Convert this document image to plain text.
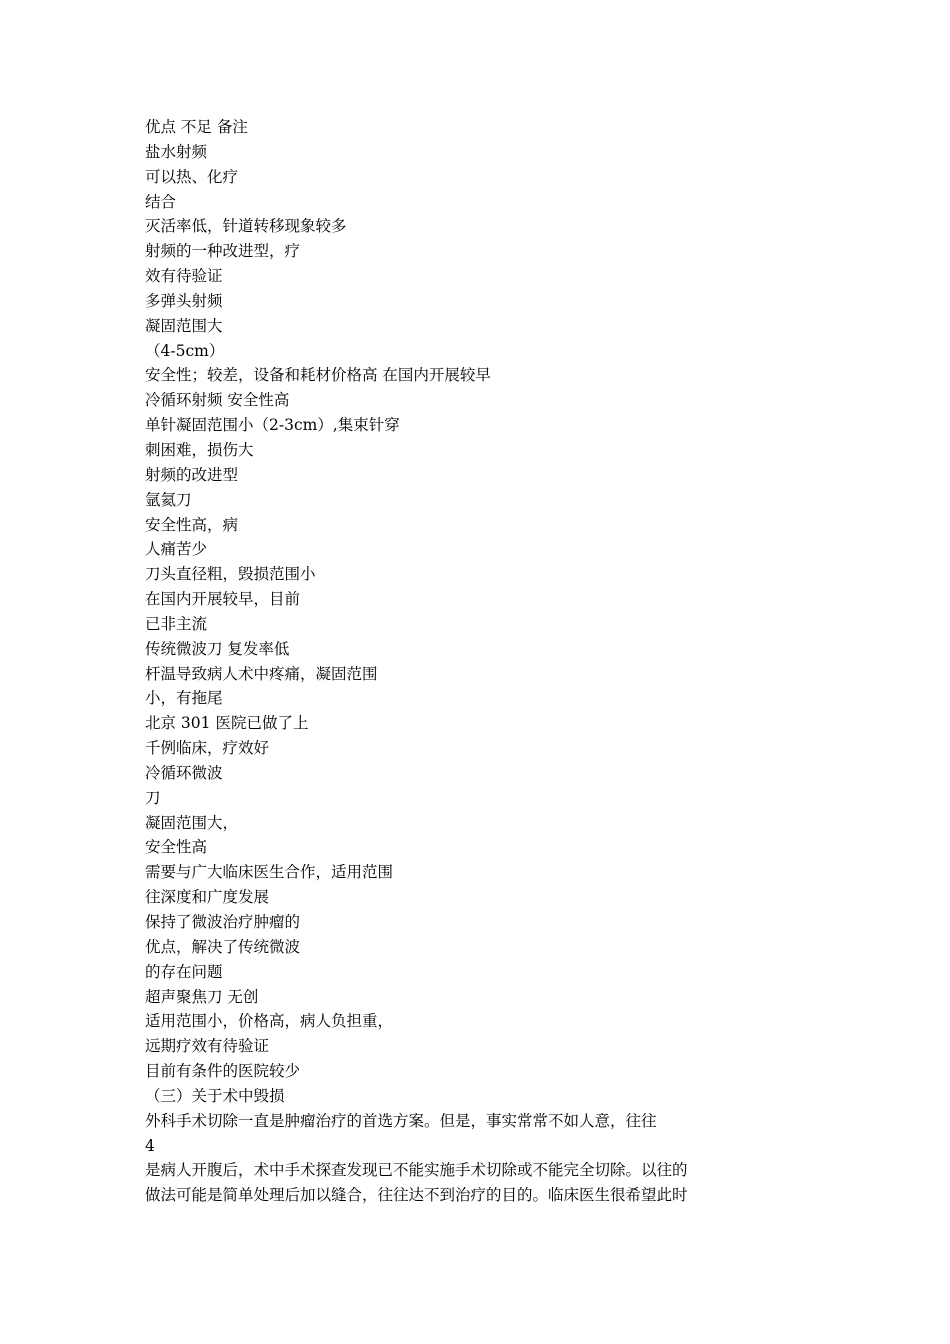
优点 不足 备注

盐水射频

可以热、化疗

结合

灭活率低，针道转移现象较多

射频的一种改进型，疗

效有待验证

多弹头射频

凝固范围大

（4-5cm）

安全性；较差，设备和耗材价格高 在国内开展较早

冷循环射频 安全性高

单针凝固范围小（2-3cm）,集束针穿

刺困难，损伤大

射频的改进型

氩氦刀

安全性高，病

人痛苦少

刀头直径粗，毁损范围小

在国内开展较早，目前

已非主流

传统微波刀 复发率低

杆温导致病人术中疼痛，凝固范围

小，有拖尾

北京 301 医院已做了上

千例临床，疗效好

冷循环微波

刀

凝固范围大，

安全性高

需要与广大临床医生合作，适用范围

往深度和广度发展

保持了微波治疗肿瘤的

优点，解决了传统微波

的存在问题

超声聚焦刀 无创

适用范围小，价格高，病人负担重，

远期疗效有待验证

目前有条件的医院较少

（三）关于术中毁损

外科手术切除一直是肿瘤治疗的首选方案。但是，事实常常不如人意，往往

4

是病人开腹后，术中手术探查发现已不能实施手术切除或不能完全切除。以往的

做法可能是简单处理后加以缝合，往往达不到治疗的目的。临床医生很希望此时
